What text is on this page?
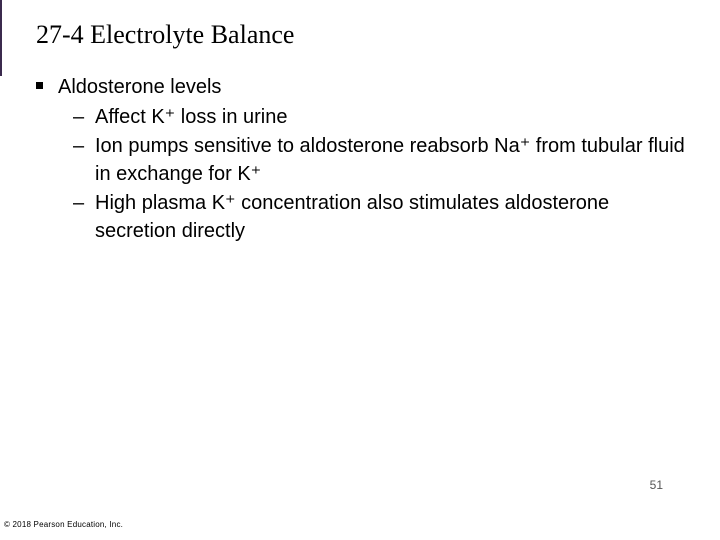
27-4 Electrolyte Balance
Aldosterone levels
– Affect K⁺ loss in urine
– Ion pumps sensitive to aldosterone reabsorb Na⁺ from tubular fluid in exchange for K⁺
– High plasma K⁺ concentration also stimulates aldosterone secretion directly
51
© 2018 Pearson Education, Inc.
